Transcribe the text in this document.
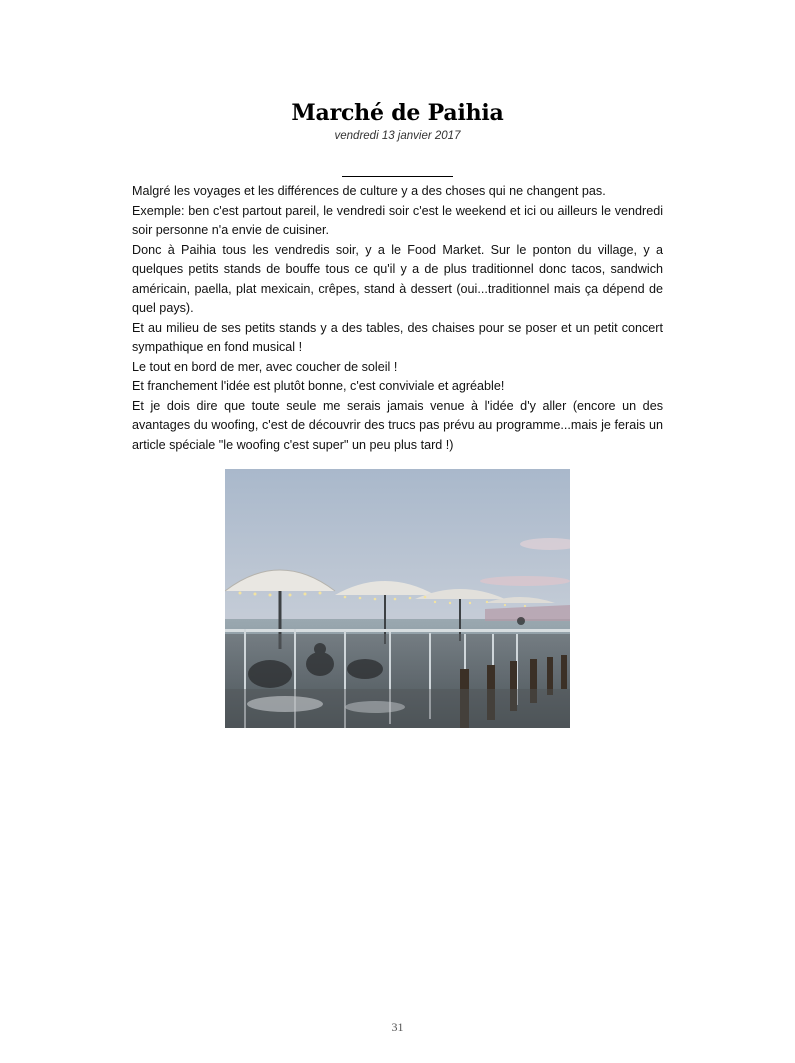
Marché de Paihia
vendredi 13 janvier 2017

Malgré les voyages et les différences de culture y a des choses qui ne changent pas.

Exemple: ben c'est partout pareil, le vendredi soir c'est le weekend et ici ou ailleurs le vendredi soir personne n'a envie de cuisiner.

Donc à Paihia tous les vendredis soir, y a le Food Market. Sur le ponton du village, y a quelques petits stands de bouffe tous ce qu'il y a de plus traditionnel donc tacos, sandwich américain, paella, plat mexicain, crêpes, stand à dessert (oui...traditionnel mais ça dépend de quel pays).

Et au milieu de ses petits stands y a des tables, des chaises pour se poser et un petit concert sympathique en fond musical !

Le tout en bord de mer, avec coucher de soleil !

Et franchement l'idée est plutôt bonne, c'est conviviale et agréable!

Et je dois dire que toute seule me serais jamais venue à l'idée d'y aller (encore un des avantages du woofing, c'est de découvrir des trucs pas prévu au programme...mais je ferais un article spéciale "le woofing c'est super" un peu plus tard !)

31
